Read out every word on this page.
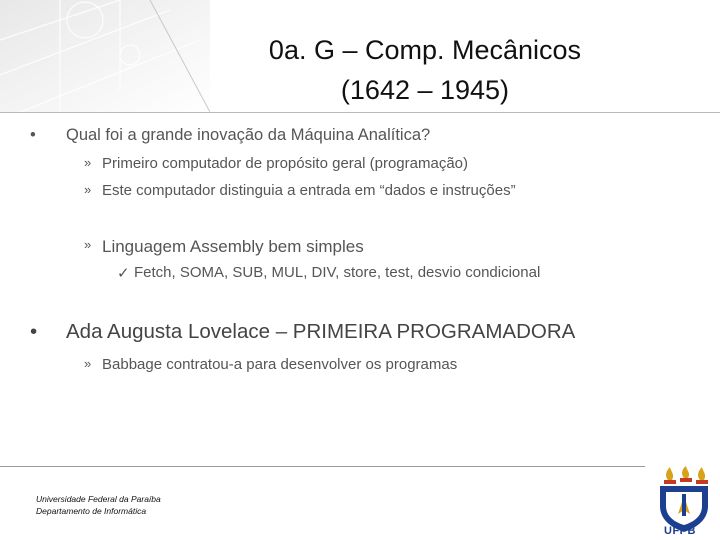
0a. G – Comp. Mecânicos
(1642 – 1945)
• Qual foi a grande inovação da Máquina Analítica?
» Primeiro computador de propósito geral (programação)
» Este computador distinguia a entrada em “dados e instruções”
» Linguagem Assembly bem simples
✓ Fetch, SOMA, SUB, MUL, DIV, store, test, desvio condicional
• Ada Augusta Lovelace – PRIMEIRA PROGRAMADORA
» Babbage contratou-a para desenvolver os programas
Universidade Federal da Paraíba
Departamento de Informática
UFPB
